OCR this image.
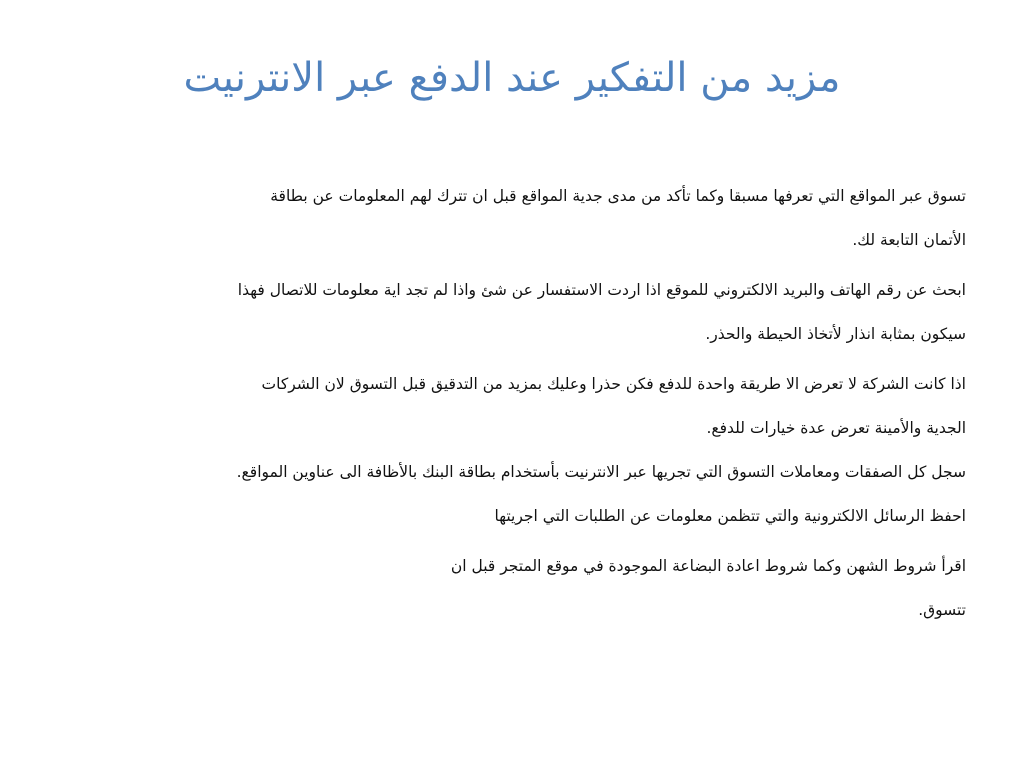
مزيد من التفكير عند الدفع عبر الانترنيت
تسوق عبر المواقع التي تعرفها مسبقا وكما تأكد من مدى جدية المواقع قبل ان تترك لهم المعلومات عن بطاقة
الأتمان التابعة لك.
ابحث عن رقم الهاتف والبريد الالكتروني للموقع اذا اردت الاستفسار عن شئ واذا لم تجد اية معلومات للاتصال فهذا
سيكون بمثابة انذار لأتخاذ الحيطة والحذر.
اذا كانت الشركة لا تعرض الا طريقة واحدة للدفع فكن حذرا وعليك بمزيد من التدقيق قبل التسوق لان الشركات
الجدية والأمينة تعرض عدة خيارات للدفع.
سجل كل الصفقات ومعاملات التسوق التي تجريها عبر الانترنيت بأستخدام بطاقة البنك بالأظافة الى عناوين المواقع.
احفظ الرسائل الالكترونية والتي تتظمن معلومات عن الطلبات التي اجريتها
اقرأ شروط الشهن وكما شروط اعادة البضاعة الموجودة في موقع المتجر قبل ان
تتسوق.
